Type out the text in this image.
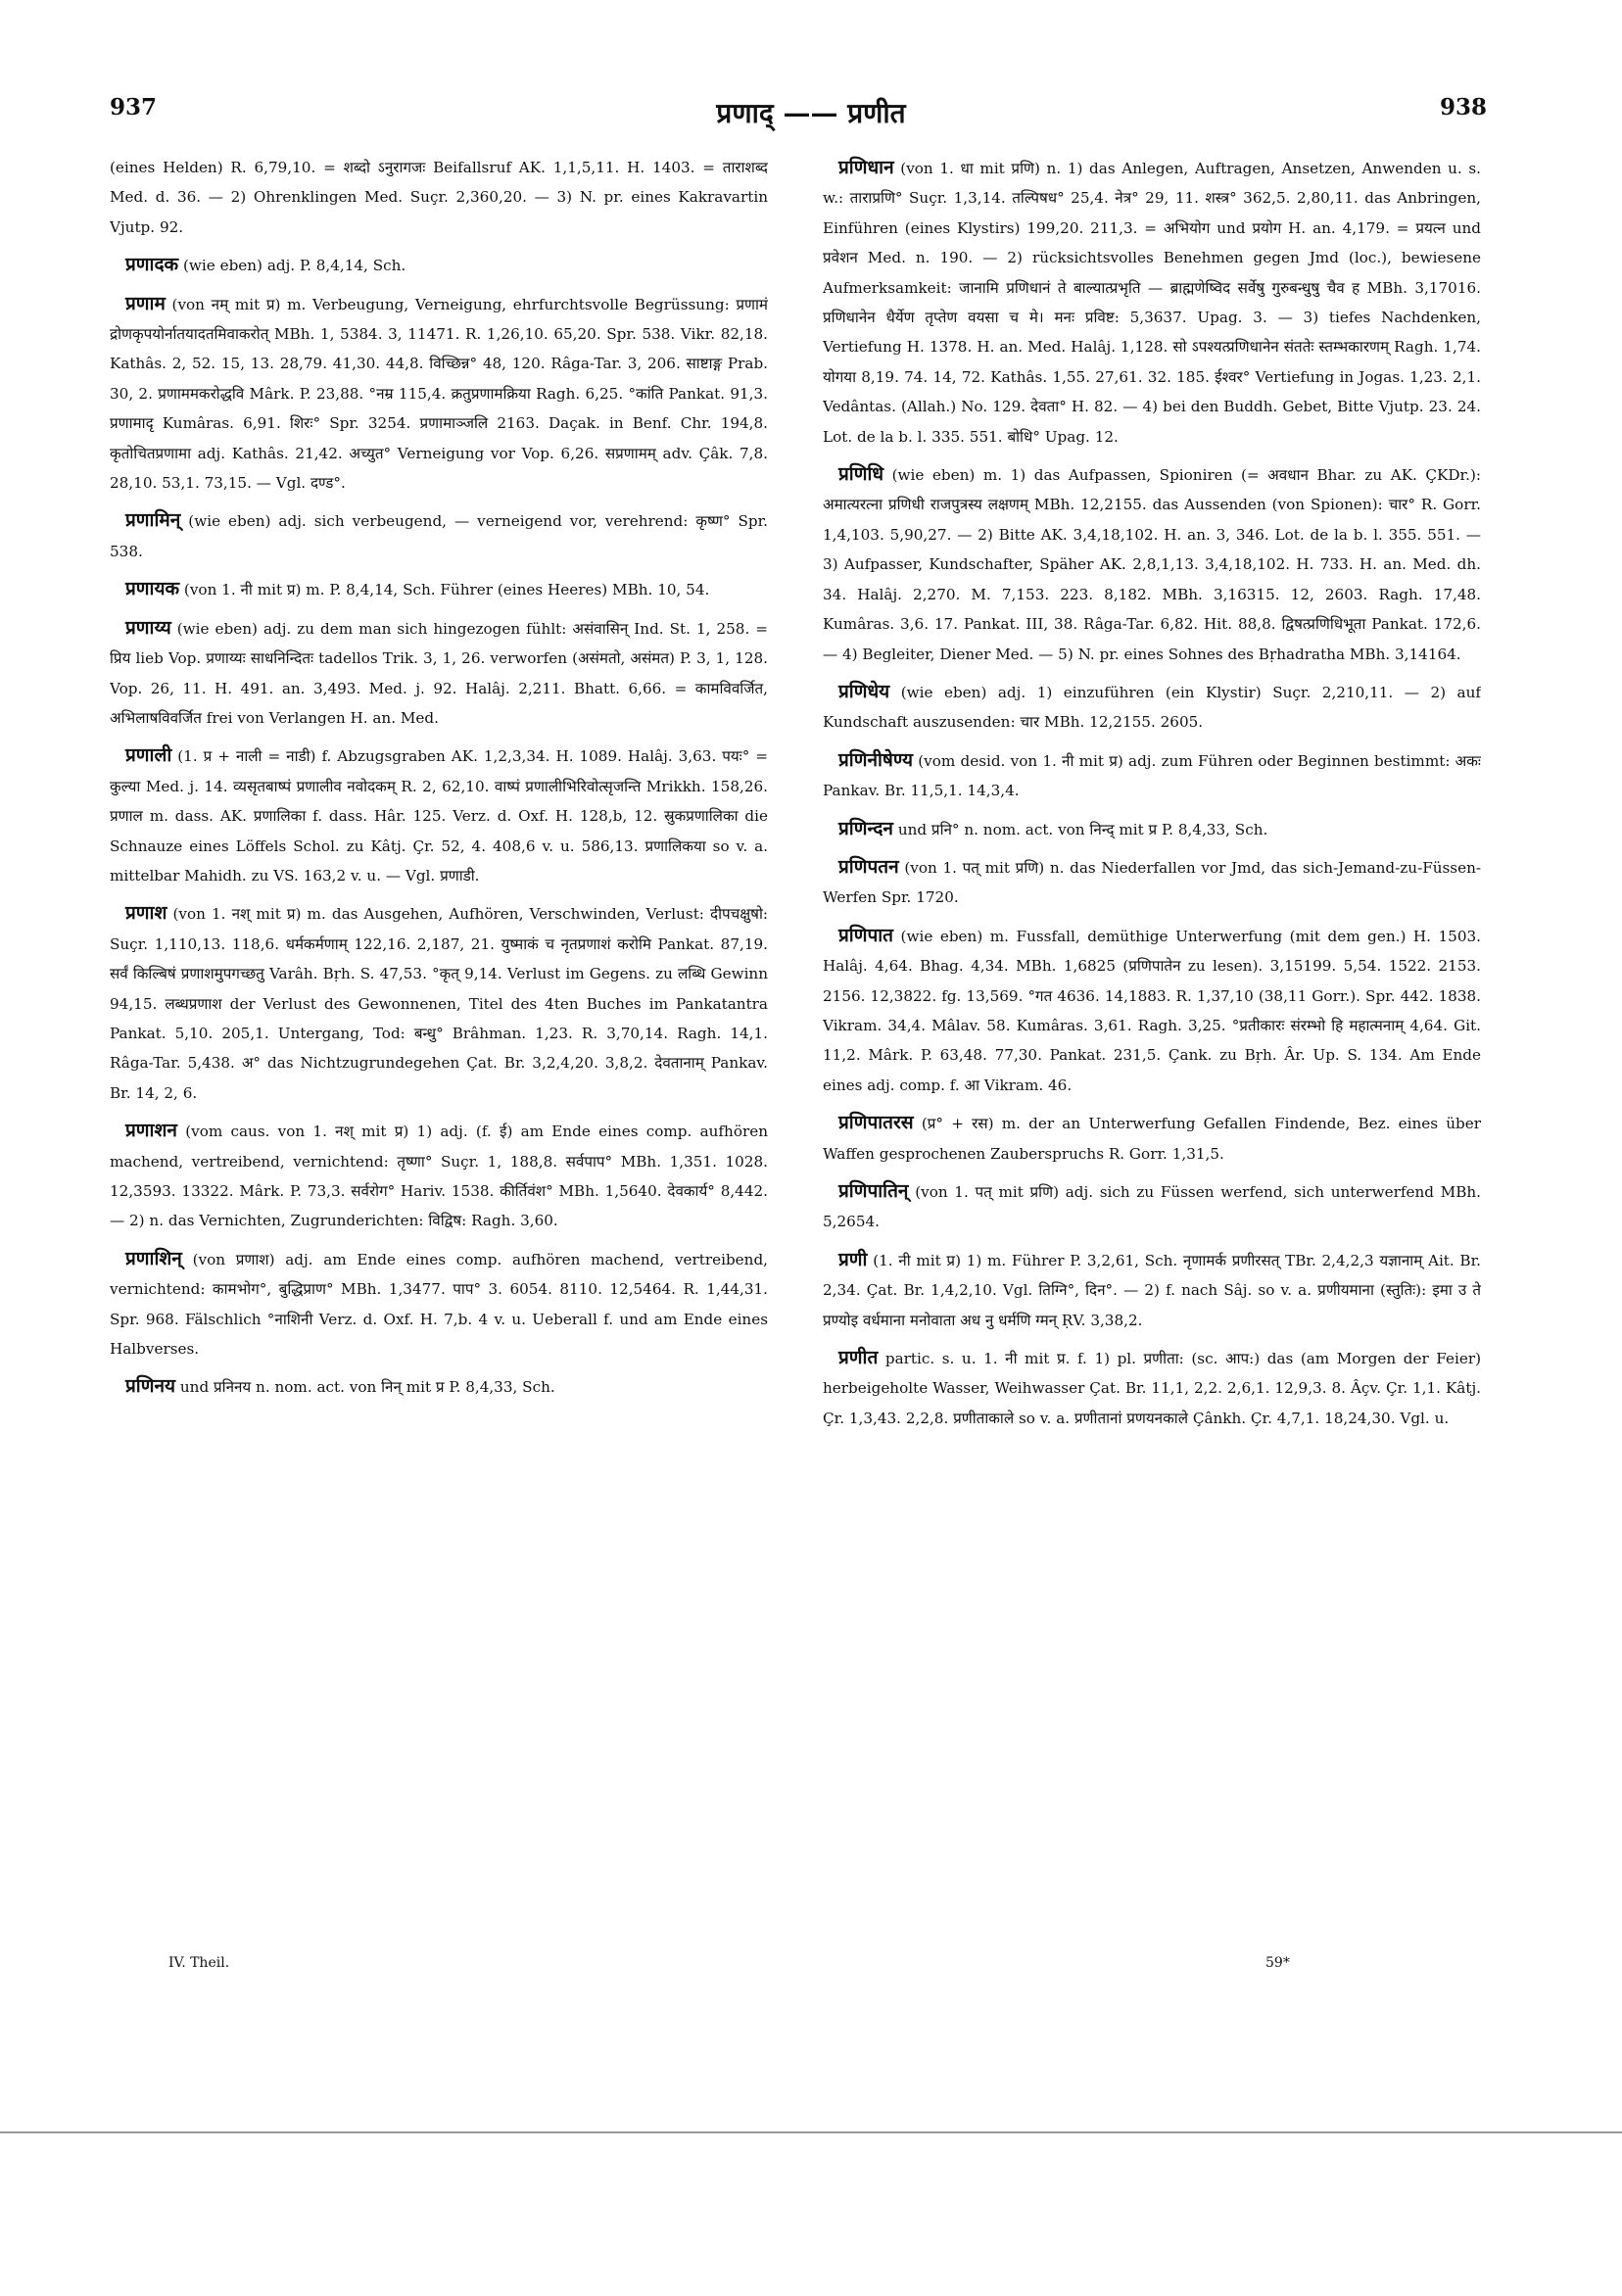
937	प्रणाद् —— प्रणीत	938

(eines Helden) R. 6,79,10. = शब्दो ऽनुरागजः Beifallsruf AK. 1,1,5,11. H. 1403. = ताराशब्द Med. d. 36. — 2) Ohrenklingen Med. Suçr. 2,360,20. — 3) N. pr. eines Kakravartin Vjutp. 92.

प्रणादक (wie eben) adj. P. 8,4,14, Sch.

प्रणाम (von नम् mit प्र) m. Verbeugung, Verneigung, ehrfurchtsvolle Begrüssung: प्रणामं द्रोणकृपयोर्नातयादतमिवाकरोत् MBh. 1, 5384. 3, 11471. R. 1,26,10. 65,20. Spr. 538. Vikr. 82,18. Kathâs. 2, 52. 15, 13. 28,79. 41,30. 44,8. विच्छिन्न° 48, 120. Râga-Tar. 3, 206. साष्टाङ्ग Prab. 30, 2. प्रणाममकरोद्धवि Mârk. P. 23,88. °नम्र 115,4. क्रतुप्रणामक्रिया Ragh. 6,25. °कांति Pankat. 91,3. प्रणामादृ Kumâras. 6,91. शिरः° Spr. 3254. प्रणामाञ्जलि 2163. Daçak. in Benf. Chr. 194,8. कृतोचितप्रणामा adj. Kathâs. 21,42. अच्युत° Verneigung vor Vop. 6,26. सप्रणामम् adv. Çâk. 7,8. 28,10. 53,1. 73,15. — Vgl. दण्ड°.

प्रणामिन् (wie eben) adj. sich verbeugend, — verneigend vor, verehrend: कृष्ण° Spr. 538.

प्रणायक (von 1. नी mit प्र) m. P. 8,4,14, Sch. Führer (eines Heeres) MBh. 10, 54.

प्रणाय्य (wie eben) adj. zu dem man sich hingezogen fühlt: असंवासिन् Ind. St. 1, 258. = प्रिय lieb Vop. प्रणाय्यः साधनिन्दितः tadellos Trik. 3, 1, 26. verworfen (असंमतो, असंमत) P. 3, 1, 128. Vop. 26, 11. H. 491. an. 3,493. Med. j. 92. Halâj. 2,211. Bhatt. 6,66. = कामविवर्जित, अभिलाषविवर्जित frei von Verlangen H. an. Med.

प्रणाली (1. प्र + नाली = नाडी) f. Abzugsgraben AK. 1,2,3,34. H. 1089. Halâj. 3,63. पयः° = कुल्या Med. j. 14. व्यसृतबाष्पं प्रणालीव नवोदकम् R. 2, 62,10. वाष्पं प्रणालीभिरिवोत्सृजन्ति Mrikkh. 158,26. प्रणाल m. dass. AK. प्रणालिका f. dass. Hâr. 125. Verz. d. Oxf. H. 128,b, 12. स्रुकप्रणालिका die Schnauze eines Löffels Schol. zu Kâtj. Çr. 52, 4. 408,6 v. u. 586,13. प्रणालिकया so v. a. mittelbar Mahidh. zu VS. 163,2 v. u. — Vgl. प्रणाडी.

प्रणाश (von 1. नश् mit प्र) m. das Ausgehen, Aufhören, Verschwinden, Verlust: दीपचक्षुषो: Suçr. 1,110,13. 118,6. धर्मकर्मणाम् 122,16. 2,187, 21. युष्माकं च नृतप्रणाशं करोमि Pankat. 87,19. सर्वं किल्बिषं प्रणाशमुपगच्छतु Varâh. Bṛh. S. 47,53. °कृत् 9,14. Verlust im Gegens. zu लब्धि Gewinn 94,15. लब्धप्रणाश der Verlust des Gewonnenen, Titel des 4ten Buches im Pankatantra Pankat. 5,10. 205,1. Untergang, Tod: बन्धु° Brâhman. 1,23. R. 3,70,14. Ragh. 14,1. Râga-Tar. 5,438. अ° das Nichtzugrundegehen Çat. Br. 3,2,4,20. 3,8,2. देवतानाम् Pankav. Br. 14, 2, 6.

प्रणाशन (vom caus. von 1. नश् mit प्र) 1) adj. (f. ई) am Ende eines comp. aufhören machend, vertreibend, vernichtend: तृष्णा° Suçr. 1, 188,8. सर्वपाप° MBh. 1,351. 1028. 12,3593. 13322. Mârk. P. 73,3. सर्वरोग° Hariv. 1538. कीर्तिवंश° MBh. 1,5640. देवकार्य° 8,442. — 2) n. das Vernichten, Zugrunderichten: विद्विष: Ragh. 3,60.

प्रणाशिन् (von प्रणाश) adj. am Ende eines comp. aufhören machend, vertreibend, vernichtend: कामभोग°, बुद्धिप्राण° MBh. 1,3477. पाप° 3. 6054. 8110. 12,5464. R. 1,44,31. Spr. 968. Fälschlich °नाशिनी Verz. d. Oxf. H. 7,b. 4 v. u. Ueberall f. und am Ende eines Halbverses.

प्रणिनय und प्रनिनय n. nom. act. von निन् mit प्र P. 8,4,33, Sch.

प्रणिधान (von 1. धा mit प्रणि) n. 1) das Anlegen, Auftragen, Ansetzen, Anwenden u. s. w.: ताराप्रणि° Suçr. 1,3,14. तल्पिषध° 25,4. नेत्र° 29, 11. शस्त्र° 362,5. 2,80,11. das Anbringen, Einführen (eines Klystirs) 199,20. 211,3. = अभियोग und प्रयोग H. an. 4,179. = प्रयत्न und प्रवेशन Med. n. 190. — 2) rücksichtsvolles Benehmen gegen Jmd (loc.), bewiesene Aufmerksamkeit: जानामि प्रणिधानं ते बाल्यात्प्रभृति — ब्राह्मणेष्विद सर्वेषु गुरुबन्धुषु चैव ह MBh. 3,17016. प्रणिधानेन धैर्येण तृप्तेण वयसा च मे। मनः प्रविष्ट: 5,3637. Upag. 3. — 3) tiefes Nachdenken, Vertiefung H. 1378. H. an. Med. Halâj. 1,128. सो ऽपश्यत्प्रणिधानेन संततेः स्तम्भकारणम् Ragh. 1,74. योगया 8,19. 74. 14, 72. Kathâs. 1,55. 27,61. 32. 185. ईश्वर° Vertiefung in Jogas. 1,23. 2,1. Vedântas. (Allah.) No. 129. देवता° H. 82. — 4) bei den Buddh. Gebet, Bitte Vjutp. 23. 24. Lot. de la b. l. 335. 551. बोधि° Upag. 12.

प्रणिधि (wie eben) m. 1) das Aufpassen, Spioniren (= अवधान Bhar. zu AK. ÇKDr.): अमात्यरत्ना प्रणिधी राजपुत्रस्य लक्षणम् MBh. 12,2155. das Aussenden (von Spionen): चार° R. Gorr. 1,4,103. 5,90,27. — 2) Bitte AK. 3,4,18,102. H. an. 3, 346. Lot. de la b. l. 355. 551. — 3) Aufpasser, Kundschafter, Späher AK. 2,8,1,13. 3,4,18,102. H. 733. H. an. Med. dh. 34. Halâj. 2,270. M. 7,153. 223. 8,182. MBh. 3,16315. 12, 2603. Ragh. 17,48. Kumâras. 3,6. 17. Pankat. III, 38. Râga-Tar. 6,82. Hit. 88,8. द्विषत्प्रणिधिभूता Pankat. 172,6. — 4) Begleiter, Diener Med. — 5) N. pr. eines Sohnes des Bṛhadratha MBh. 3,14164.

प्रणिधेय (wie eben) adj. 1) einzuführen (ein Klystir) Suçr. 2,210,11. — 2) auf Kundschaft auszusenden: चार MBh. 12,2155. 2605.

प्रणिनीषेण्य (vom desid. von 1. नी mit प्र) adj. zum Führen oder Beginnen bestimmt: अकः Pankav. Br. 11,5,1. 14,3,4.

प्रणिन्दन und प्रनि° n. nom. act. von निन्द् mit प्र P. 8,4,33, Sch.

प्रणिपतन (von 1. पत् mit प्रणि) n. das Niederfallen vor Jmd, das sich-Jemand-zu-Füssen-Werfen Spr. 1720.

प्रणिपात (wie eben) m. Fussfall, demüthige Unterwerfung (mit dem gen.) H. 1503. Halâj. 4,64. Bhag. 4,34. MBh. 1,6825 (प्रणिपातेन zu lesen). 3,15199. 5,54. 1522. 2153. 2156. 12,3822. fg. 13,569. °गत 4636. 14,1883. R. 1,37,10 (38,11 Gorr.). Spr. 442. 1838. Vikram. 34,4. Mâlav. 58. Kumâras. 3,61. Ragh. 3,25. °प्रतीकारः संरम्भो हि महात्मनाम् 4,64. Git. 11,2. Mârk. P. 63,48. 77,30. Pankat. 231,5. Çank. zu Bṛh. Âr. Up. S. 134. Am Ende eines adj. comp. f. आ Vikram. 46.

प्रणिपातरस (प्र° + रस) m. der an Unterwerfung Gefallen Findende, Bez. eines über Waffen gesprochenen Zauberspruchs R. Gorr. 1,31,5.

प्रणिपातिन् (von 1. पत् mit प्रणि) adj. sich zu Füssen werfend, sich unterwerfend MBh. 5,2654.

प्रणी (1. नी mit प्र) 1) m. Führer P. 3,2,61, Sch. नृणामर्क प्रणीरसत् TBr. 2,4,2,3 यज्ञानाम् Ait. Br. 2,34. Çat. Br. 1,4,2,10. Vgl. तिग्नि°, दिन°. — 2) f. nach Sâj. so v. a. प्रणीयमाना (स्तुतिः): इमा उ ते प्रण्योइ वर्धमाना मनोवाता अध नु धर्मणि ग्मन् ṚV. 3,38,2.

प्रणीत partic. s. u. 1. नी mit प्र. f. 1) pl. प्रणीता: (sc. आप:) das (am Morgen der Feier) herbeigeholte Wasser, Weihwasser Çat. Br. 11,1, 2,2. 2,6,1. 12,9,3. 8. Âçv. Çr. 1,1. Kâtj. Çr. 1,3,43. 2,2,8. प्रणीताकाले so v. a. प्रणीतानां प्रणयनकाले Çânkh. Çr. 4,7,1. 18,24,30. Vgl. u.

IV. Theil.	59*
